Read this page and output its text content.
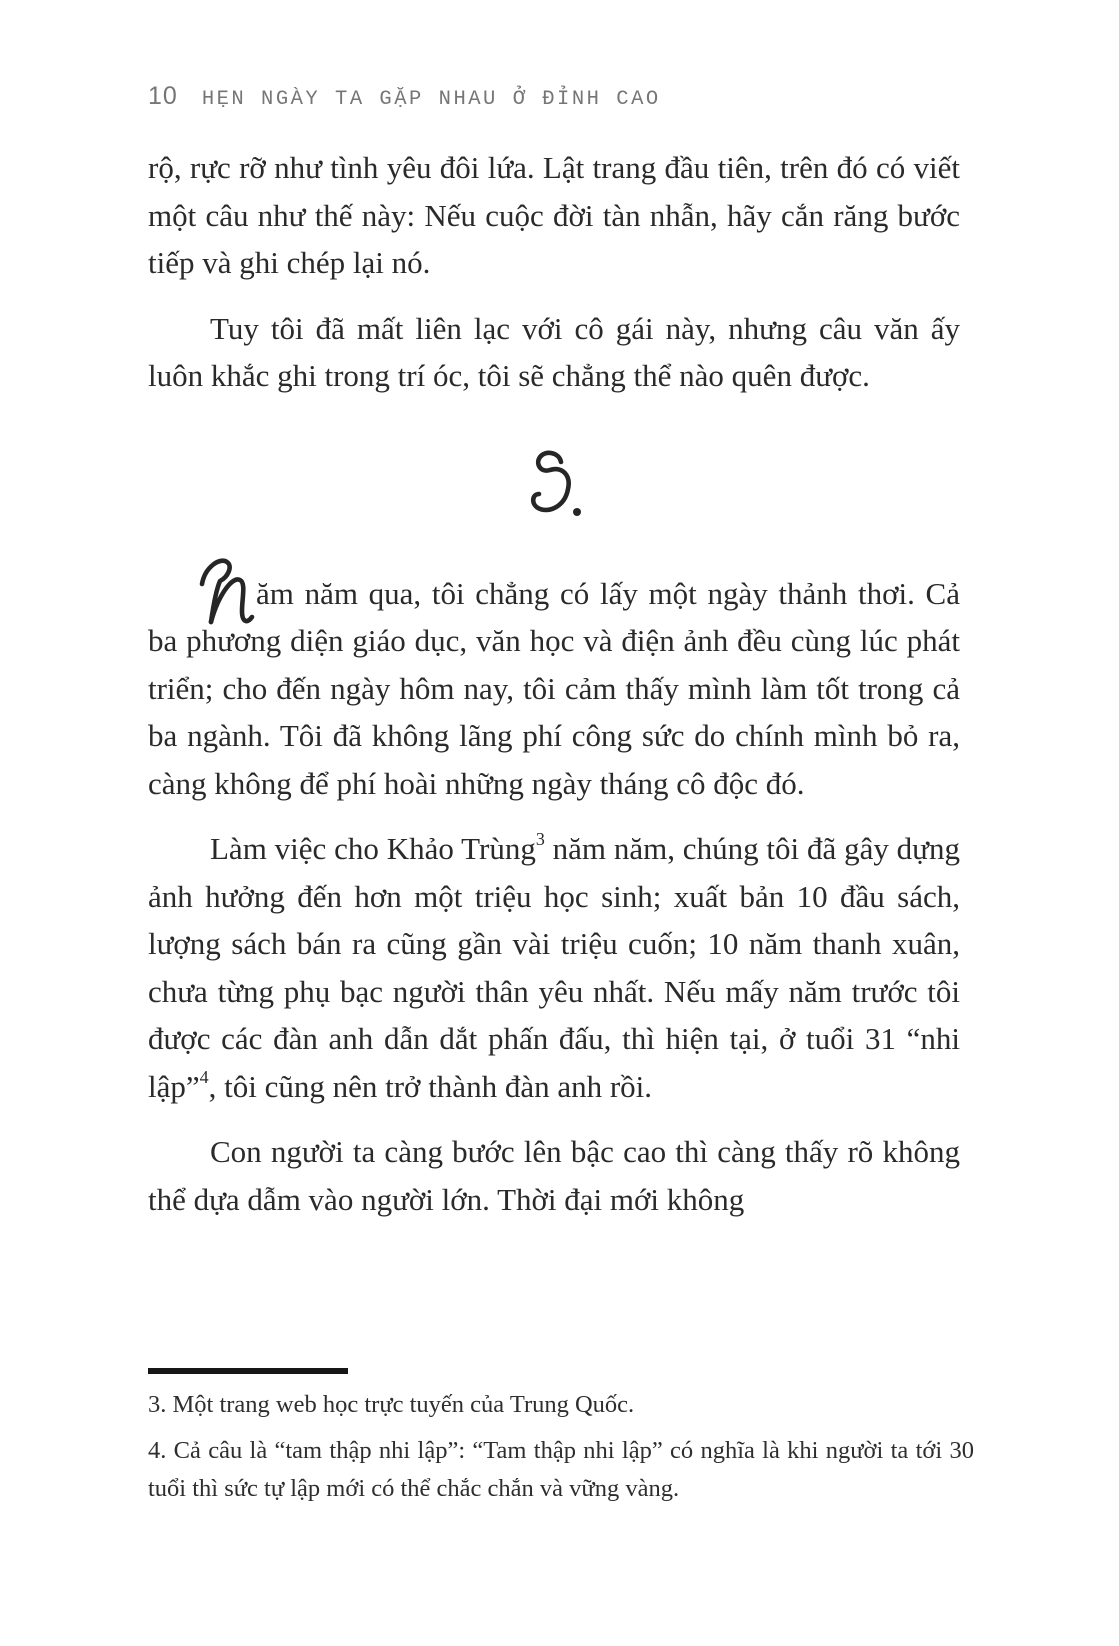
10 HẸN NGÀY TA GẶP NHAU Ở ĐỈNH CAO

rộ, rực rỡ như tình yêu đôi lứa. Lật trang đầu tiên, trên đó có viết một câu như thế này: Nếu cuộc đời tàn nhẫn, hãy cắn răng bước tiếp và ghi chép lại nó.

Tuy tôi đã mất liên lạc với cô gái này, nhưng câu văn ấy luôn khắc ghi trong trí óc, tôi sẽ chẳng thể nào quên được.

ăm năm qua, tôi chẳng có lấy một ngày thảnh thơi. Cả ba phương diện giáo dục, văn học và điện ảnh đều cùng lúc phát triển; cho đến ngày hôm nay, tôi cảm thấy mình làm tốt trong cả ba ngành. Tôi đã không lãng phí công sức do chính mình bỏ ra, càng không để phí hoài những ngày tháng cô độc đó.

Làm việc cho Khảo Trùng$^3$ năm năm, chúng tôi đã gây dựng ảnh hưởng đến hơn một triệu học sinh; xuất bản 10 đầu sách, lượng sách bán ra cũng gần vài triệu cuốn; 10 năm thanh xuân, chưa từng phụ bạc người thân yêu nhất. Nếu mấy năm trước tôi được các đàn anh dẫn dắt phấn đấu, thì hiện tại, ở tuổi 31 “nhi lập”$^4$, tôi cũng nên trở thành đàn anh rồi.

Con người ta càng bước lên bậc cao thì càng thấy rõ không thể dựa dẫm vào người lớn. Thời đại mới không

3. Một trang web học trực tuyến của Trung Quốc.

4. Cả câu là “tam thập nhi lập”: “Tam thập nhi lập” có nghĩa là khi người ta tới 30 tuổi thì sức tự lập mới có thể chắc chắn và vững vàng.
